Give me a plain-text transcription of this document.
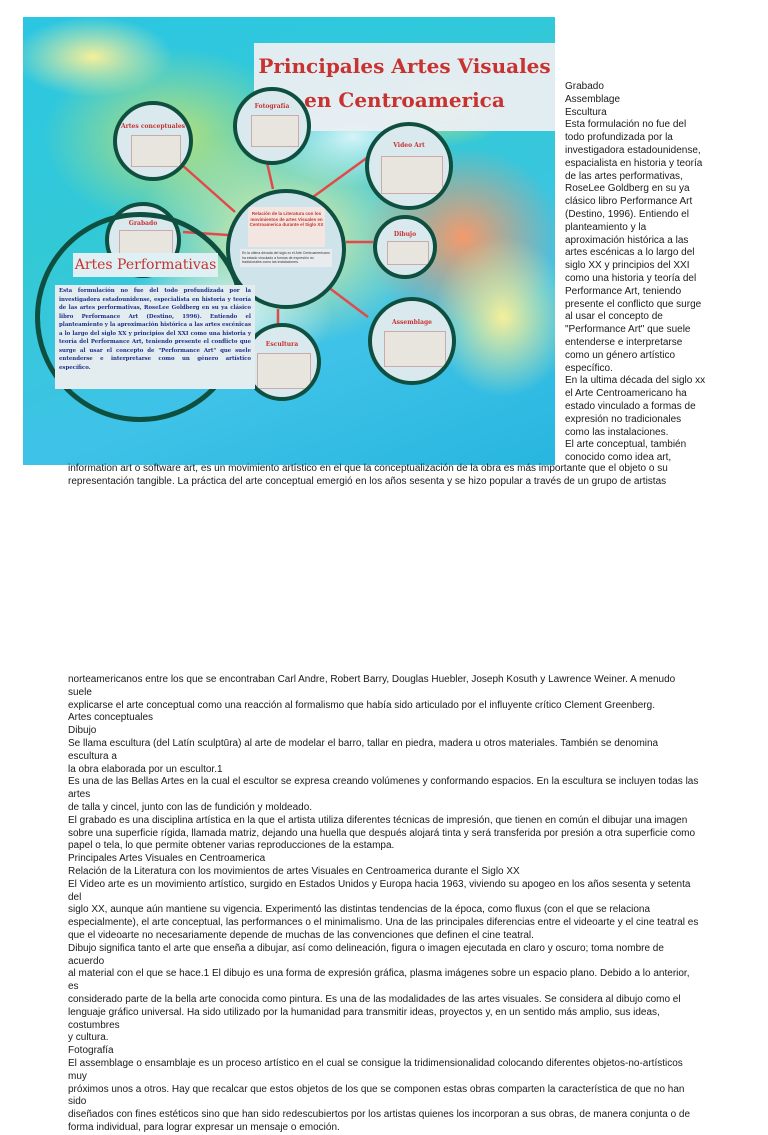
Principales Artes Visuales en Centroamerica
Fotografía
Artes conceptuales
Video Art
Grabado
Dibujo
Assemblage
Escultura
Relación de la Literatura con los movimientos de artes Visuales en Centroamerica durante el Siglo XX
En la ultima década del siglo xx el Arte Centroamericano ha estado vinculado a formas de expresión no tradicionales como las instalaciones.
Artes Performativas
Esta formulación no fue del todo profundizada por la investigadora estadounidense, especialista en historia y teoría de las artes performativas, RoseLee Goldberg en su ya clásico libro Performance Art (Destino, 1996). Entiendo el planteamiento y la aproximación histórica a las artes escénicas a lo largo del siglo XX y principios del XXI como una historia y teoría del Performance Art, teniendo presente el conflicto que surge al usar el concepto de "Performance Art" que suele entenderse e interpretarse como un género artístico específico.
Grabado
Assemblage
Escultura
Esta formulación no fue del
todo profundizada por la
investigadora estadounidense,
espacialista en historia y teoría
de las artes performativas,
RoseLee Goldberg en su ya
clásico libro Performance Art
(Destino, 1996). Entiendo el
planteamiento y la
aproximación histórica a las
artes escénicas a lo largo del
siglo XX y principios del XXI
como una historia y teoría del
Performance Art, teniendo
presente el conflicto que surge
al usar el concepto de
"Performance Art" que suele
entenderse e interpretarse
como un género artístico
específico.
En la ultima década del siglo xx
el Arte Centroamericano ha
estado vinculado a formas de
expresión no tradicionales
como las instalaciones.
El arte conceptual, también
conocido como idea art,
information art o software art, es un movimiento artístico en el que la conceptualización de la obra es más importante que el objeto o su representación tangible. La práctica del arte conceptual emergió en los años sesenta y se hizo popular a través de un grupo de artistas
norteamericanos entre los que se encontraban Carl Andre, Robert Barry, Douglas Huebler, Joseph Kosuth y Lawrence Weiner. A menudo suele
explicarse el arte conceptual como una reacción al formalismo que había sido articulado por el influyente crítico Clement Greenberg.
Artes conceptuales
Dibujo
Se llama escultura (del Latín sculptūra) al arte de modelar el barro, tallar en piedra, madera u otros materiales. También se denomina escultura a
la obra elaborada por un escultor.1
Es una de las Bellas Artes en la cual el escultor se expresa creando volúmenes y conformando espacios. En la escultura se incluyen todas las artes
de talla y cincel, junto con las de fundición y moldeado.
El grabado es una disciplina artística en la que el artista utiliza diferentes técnicas de impresión, que tienen en común el dibujar una imagen
sobre una superficie rígida, llamada matriz, dejando una huella que después alojará tinta y será transferida por presión a otra superficie como
papel o tela, lo que permite obtener varias reproducciones de la estampa.
Principales Artes Visuales en Centroamerica
Relación de la Literatura con los movimientos de artes Visuales en Centroamerica durante el Siglo XX
El Video arte es un movimiento artístico, surgido en Estados Unidos y Europa hacia 1963, viviendo su apogeo en los años sesenta y setenta del
siglo XX, aunque aún mantiene su vigencia. Experimentó las distintas tendencias de la época, como fluxus (con el que se relaciona
especialmente), el arte conceptual, las performances o el minimalismo. Una de las principales diferencias entre el videoarte y el cine teatral es
que el videoarte no necesariamente depende de muchas de las convenciones que definen el cine teatral.
Dibujo significa tanto el arte que enseña a dibujar, así como delineación, figura o imagen ejecutada en claro y oscuro; toma nombre de acuerdo
al material con el que se hace.1 El dibujo es una forma de expresión gráfica, plasma imágenes sobre un espacio plano. Debido a lo anterior, es
considerado parte de la bella arte conocida como pintura. Es una de las modalidades de las artes visuales. Se considera al dibujo como el
lenguaje gráfico universal. Ha sido utilizado por la humanidad para transmitir ideas, proyectos y, en un sentido más amplio, sus ideas, costumbres
y cultura.
Fotografía
El assemblage o ensamblaje es un proceso artístico en el cual se consigue la tridimensionalidad colocando diferentes objetos-no-artísticos muy
próximos unos a otros. Hay que recalcar que estos objetos de los que se componen estas obras comparten la característica de que no han sido
diseñados con fines estéticos sino que han sido redescubiertos por los artistas quienes los incorporan a sus obras, de manera conjunta o de
forma individual, para lograr expresar un mensaje o emoción.
